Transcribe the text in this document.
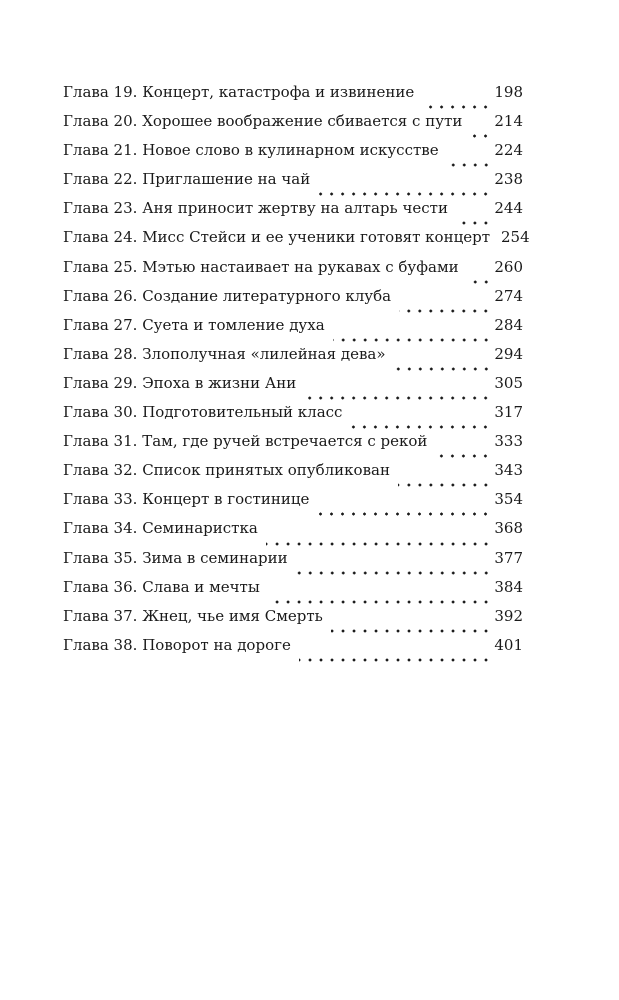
Глава 19. Концерт, катастрофа и извинение	198
Глава 20. Хорошее воображение сбивается с пути 214
Глава 21. Новое слово в кулинарном искусстве	224
Глава 22. Приглашение на чай	238
Глава 23. Аня приносит жертву на алтарь чести	244
Глава 24. Мисс Стейси и ее ученики готовят концерт 254
Глава 25. Мэтью настаивает на рукавах с буфами 260
Глава 26. Создание литературного клуба	274
Глава 27. Суета и томление духа	284
Глава 28. Злополучная «лилейная дева»	294
Глава 29. Эпоха в жизни Ани	305
Глава 30. Подготовительный класс	317
Глава 31. Там, где ручей встречается с рекой	333
Глава 32. Список принятых опубликован	343
Глава 33. Концерт в гостинице	354
Глава 34. Семинаристка	368
Глава 35. Зима в семинарии	377
Глава 36. Слава и мечты	384
Глава 37. Жнец, чье имя Смерть	392
Глава 38. Поворот на дороге	401
